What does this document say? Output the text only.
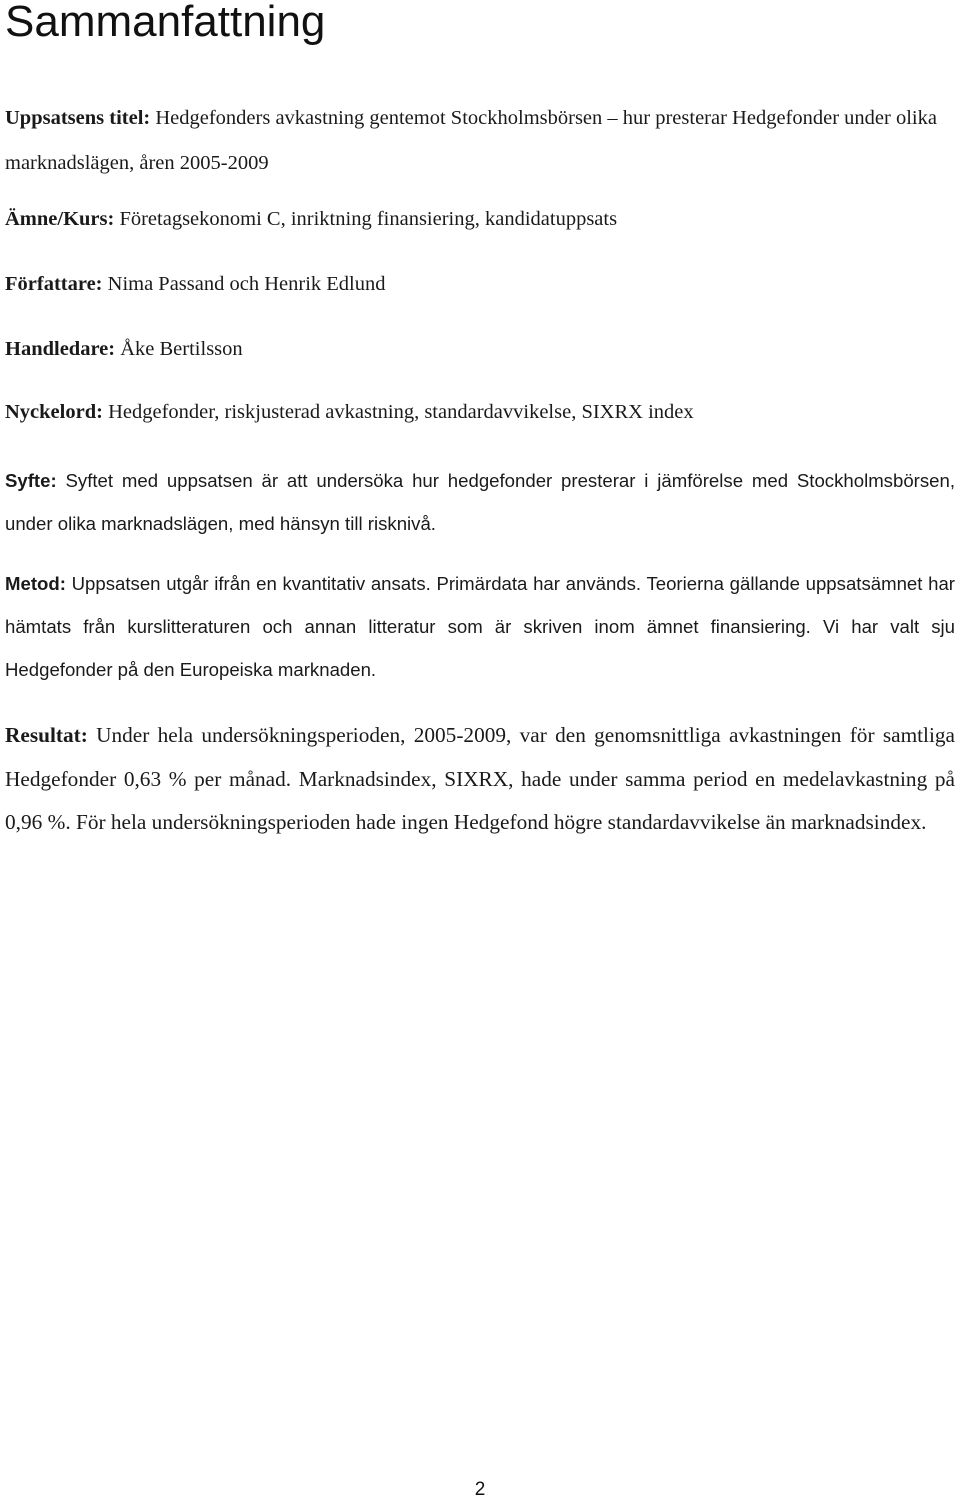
Sammanfattning

Uppsatsens titel: Hedgefonders avkastning gentemot Stockholmsbörsen – hur presterar Hedgefonder under olika marknadslägen, åren 2005-2009

Ämne/Kurs: Företagsekonomi C, inriktning finansiering, kandidatuppsats

Författare: Nima Passand och Henrik Edlund

Handledare: Åke Bertilsson

Nyckelord: Hedgefonder, riskjusterad avkastning, standardavvikelse, SIXRX index

Syfte: Syftet med uppsatsen är att undersöka hur hedgefonder presterar i jämförelse med Stockholmsbörsen, under olika marknadslägen, med hänsyn till risknivå.

Metod: Uppsatsen utgår ifrån en kvantitativ ansats. Primärdata har används. Teorierna gällande uppsatsämnet har hämtats från kurslitteraturen och annan litteratur som är skriven inom ämnet finansiering. Vi har valt sju Hedgefonder på den Europeiska marknaden.

Resultat: Under hela undersökningsperioden, 2005-2009, var den genomsnittliga avkastningen för samtliga Hedgefonder 0,63 % per månad. Marknadsindex, SIXRX, hade under samma period en medelavkastning på 0,96 %. För hela undersökningsperioden hade ingen Hedgefond högre standardavvikelse än marknadsindex.

2
